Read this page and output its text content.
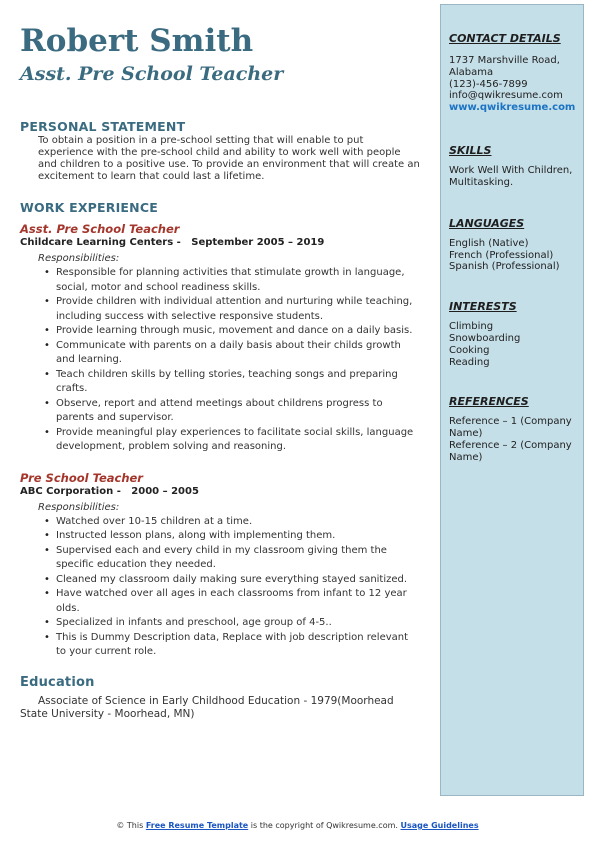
Robert Smith
Asst. Pre School Teacher
PERSONAL STATEMENT
To obtain a position in a pre-school setting that will enable to put experience with the pre-school child and ability to work well with people and children to a positive use. To provide an environment that will create an excitement to learn that could last a lifetime.
WORK EXPERIENCE
Asst. Pre School Teacher
Childcare Learning Centers -   September 2005 – 2019
Responsibilities:
• Responsible for planning activities that stimulate growth in language, social, motor and school readiness skills.
• Provide children with individual attention and nurturing while teaching, including success with selective responsive students.
• Provide learning through music, movement and dance on a daily basis.
• Communicate with parents on a daily basis about their childs growth and learning.
• Teach children skills by telling stories, teaching songs and preparing crafts.
• Observe, report and attend meetings about childrens progress to parents and supervisor.
• Provide meaningful play experiences to facilitate social skills, language development, problem solving and reasoning.
Pre School Teacher
ABC Corporation -   2000 – 2005
Responsibilities:
• Watched over 10-15 children at a time.
• Instructed lesson plans, along with implementing them.
• Supervised each and every child in my classroom giving them the specific education they needed.
• Cleaned my classroom daily making sure everything stayed sanitized.
• Have watched over all ages in each classrooms from infant to 12 year olds.
• Specialized in infants and preschool, age group of 4-5..
• This is Dummy Description data, Replace with job description relevant to your current role.
Education
Associate of Science in Early Childhood Education - 1979(Moorhead State University - Moorhead, MN)
CONTACT DETAILS
1737 Marshville Road, Alabama
(123)-456-7899
info@qwikresume.com
www.qwikresume.com
SKILLS
Work Well With Children, Multitasking.
LANGUAGES
English (Native)
French (Professional)
Spanish (Professional)
INTERESTS
Climbing
Snowboarding
Cooking
Reading
REFERENCES
Reference – 1 (Company Name)
Reference – 2 (Company Name)
© This Free Resume Template is the copyright of Qwikresume.com. Usage Guidelines
